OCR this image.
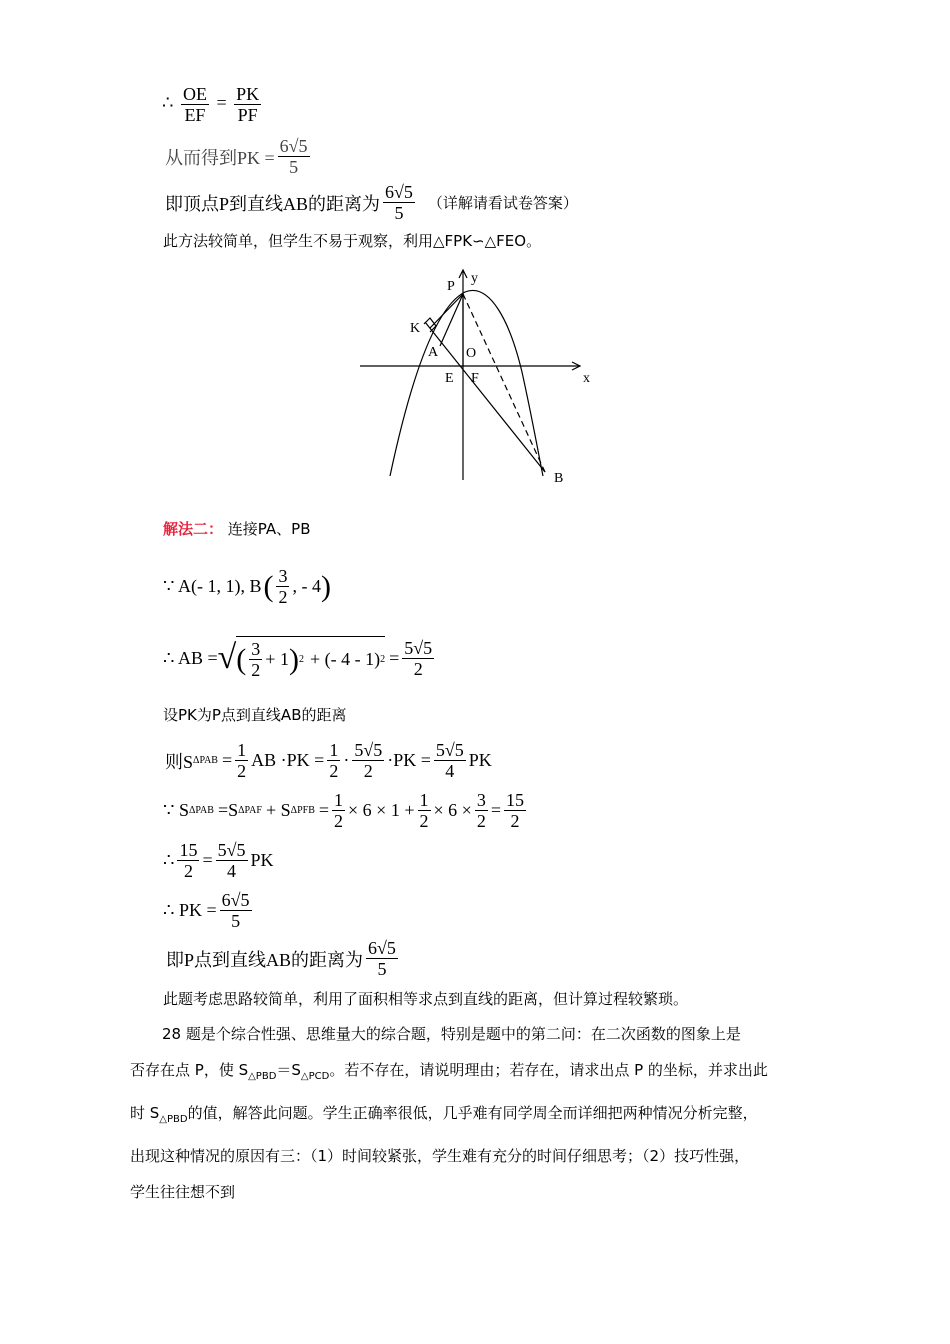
∴ $\frac{OE}{EF} = \frac{PK}{PF}$
从而得到PK = $\frac{6√5}{5}$
即顶点P到直线AB的距离为 $\frac{6√5}{5}$ （详解请看试卷答案）
此方法较简单，但学生不易于观察，利用△FPK∽△FEO。
y
P
K
A O
E F	x
B
解法二： 连接PA、PB
∵ A(- 1, 1), B ( $\frac{3}{2}$ , - 4 )
∴ AB = √ ( $\frac{3}{2} + 1$ ) 2 + (- 4 - 1) $2 = \frac{5√5}{2}$
设PK为P点到直线AB的距离
则S $\Delta PAB = \frac{1}{2}$ AB $\cdot PK = \frac{1}{2} \cdot \frac{5√5}{2} \cdot PK = \frac{5√5}{4}$ PK
∵ S ΔPAB =S ΔPAF + S $\Delta PFB = \frac{1}{2} \times 6 \times 1 + \frac{1}{2} \times 6 \times \frac{3}{2} = \frac{15}{2}$
∴ $\frac{15}{2} = \frac{5√5}{4}$ PK
∴ PK = $\frac{6√5}{5}$
即P点到直线AB的距离为 $\frac{6√5}{5}$
此题考虑思路较简单，利用了面积相等求点到直线的距离，但计算过程较繁琐。
28 题是个综合性强、思维量大的综合题，特别是题中的第二问：在二次函数的图象上是
否存在点 P，使 $S_{\triangle PBD}=S_{\triangle PCD}$。若不存在，请说明理由；若存在，请求出点 P 的坐标，并求出此
时 $S_{\triangle PBD}$的值，解答此问题。学生正确率很低，几乎难有同学周全而详细把两种情况分析完整，
出现这种情况的原因有三：（1）时间较紧张，学生难有充分的时间仔细思考；（2）技巧性强，
学生往往想不到
